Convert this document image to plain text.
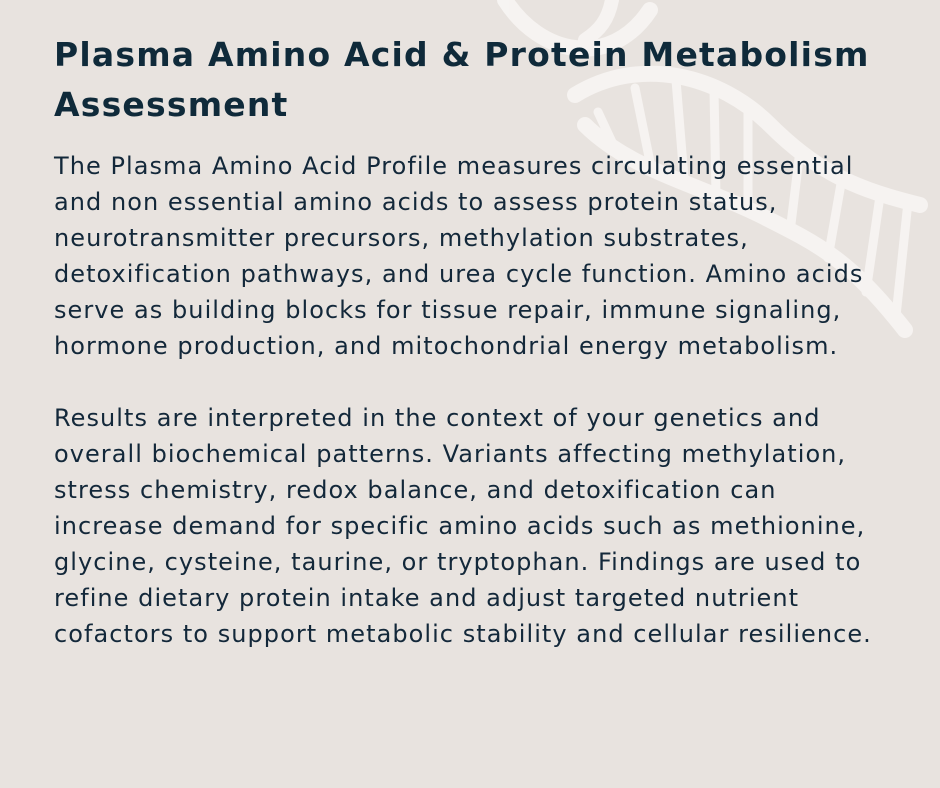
Plasma Amino Acid & Protein Metabolism Assessment

The Plasma Amino Acid Profile measures circulating essential and non essential amino acids to assess protein status, neurotransmitter precursors, methylation substrates, detoxification pathways, and urea cycle function. Amino acids serve as building blocks for tissue repair, immune signaling, hormone production, and mitochondrial energy metabolism.

Results are interpreted in the context of your genetics and overall biochemical patterns. Variants affecting methylation, stress chemistry, redox balance, and detoxification can increase demand for specific amino acids such as methionine, glycine, cysteine, taurine, or tryptophan. Findings are used to refine dietary protein intake and adjust targeted nutrient cofactors to support metabolic stability and cellular resilience.
